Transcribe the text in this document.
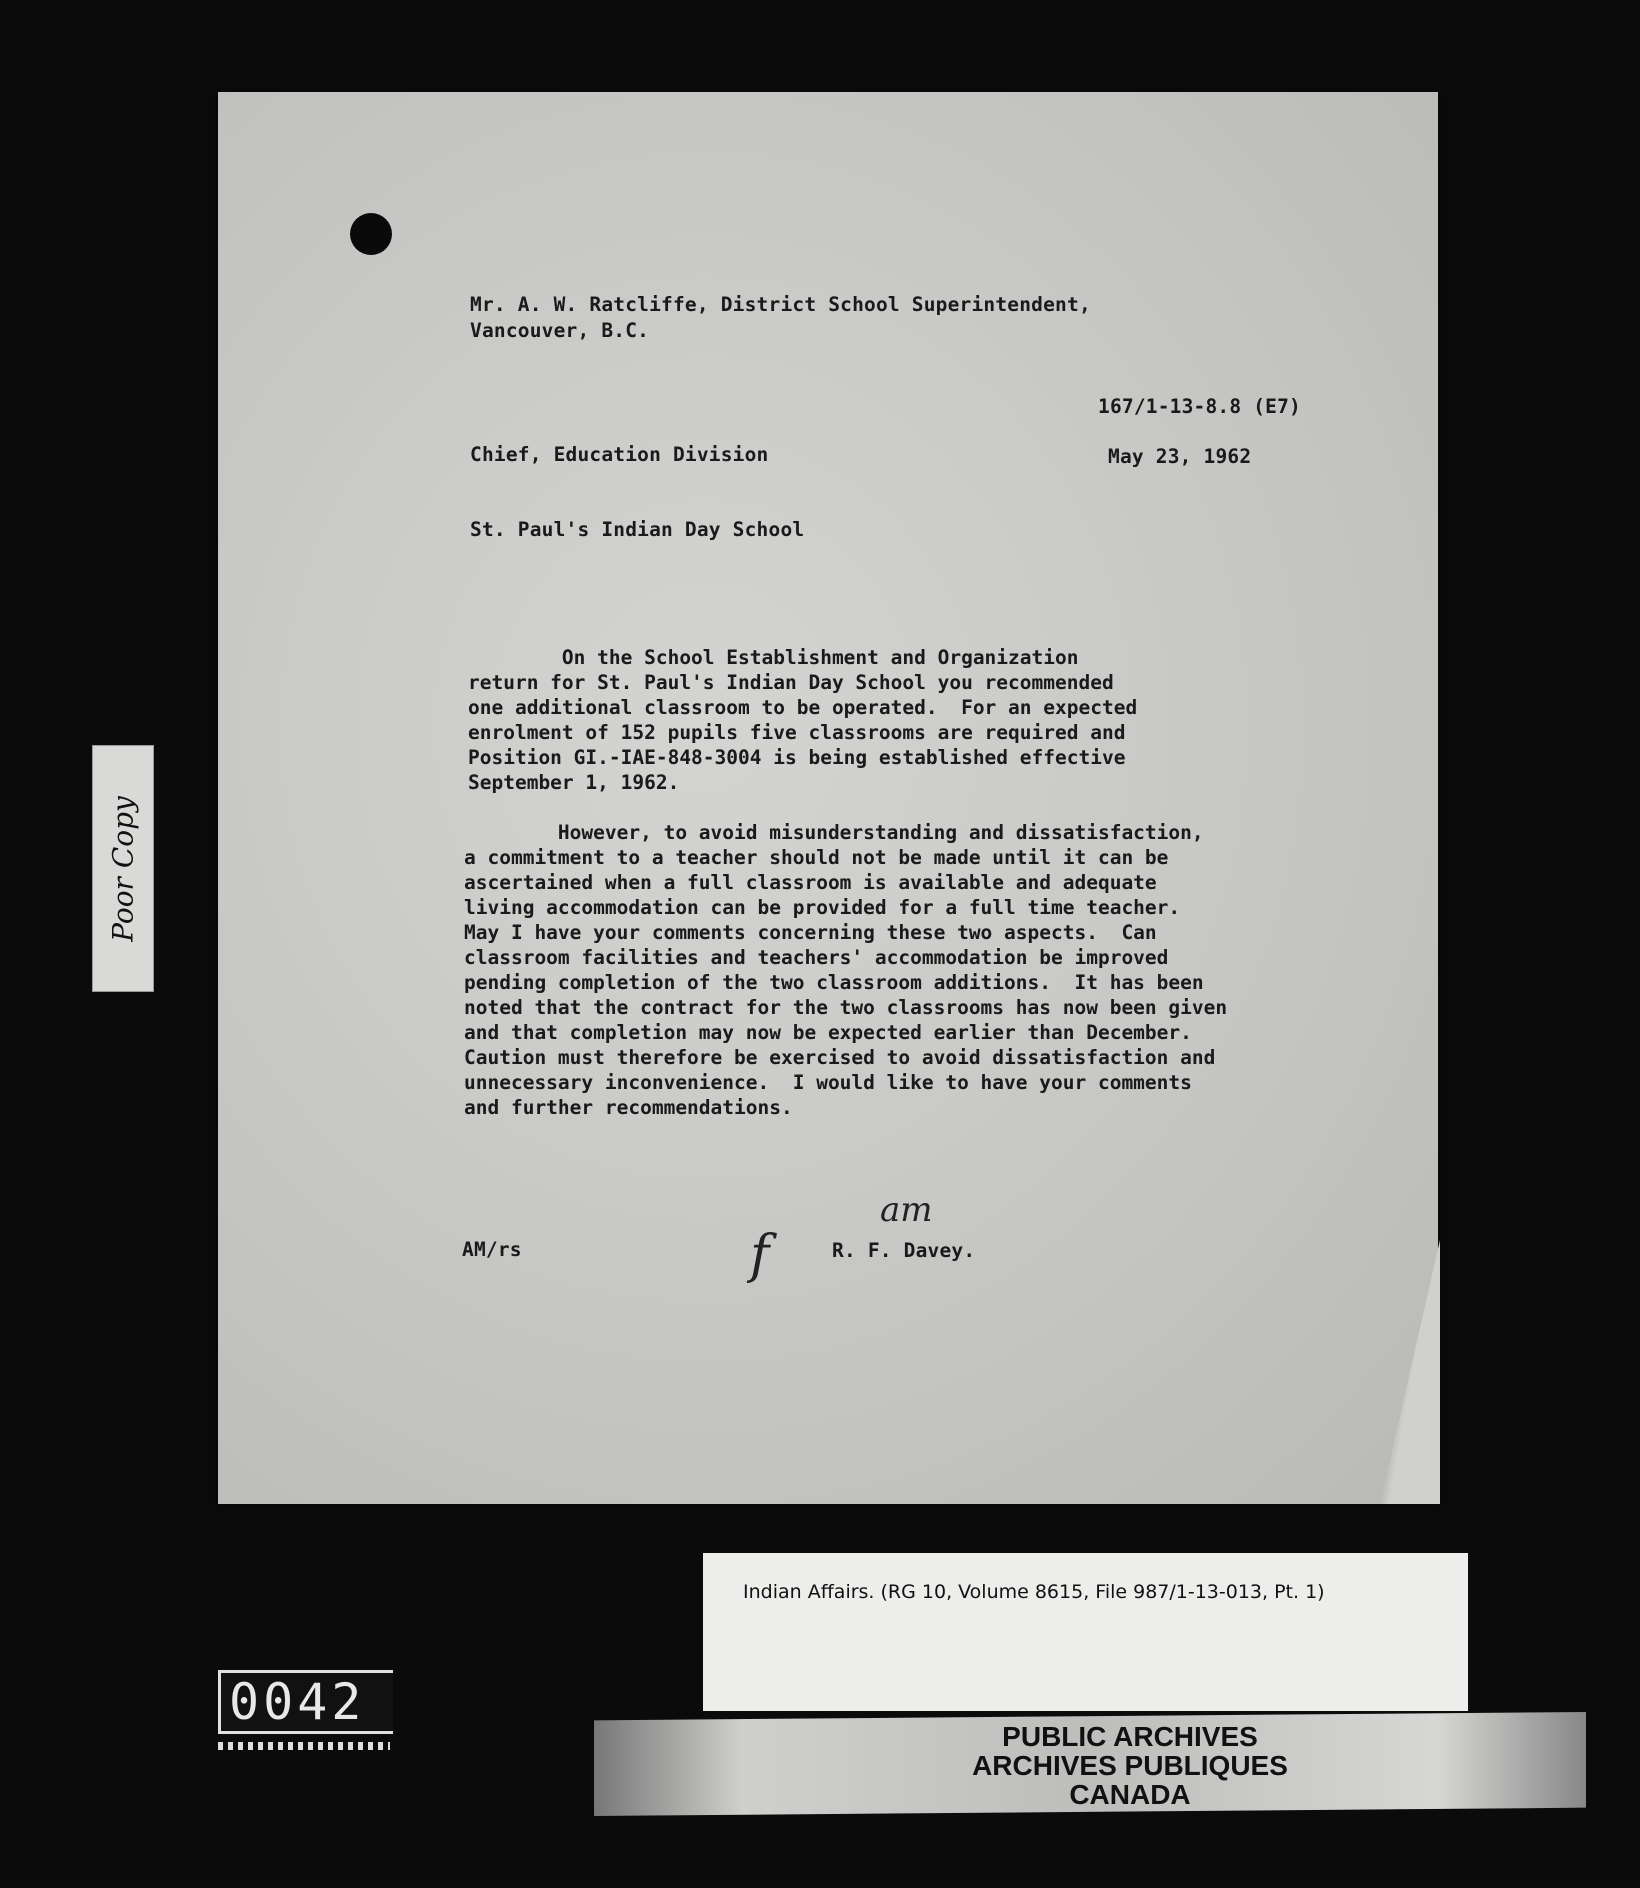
Mr. A. W. Ratcliffe, District School Superintendent,
Vancouver, B.C.
167/1-13-8.8 (E7)
Chief, Education Division	May 23, 1962
St. Paul's Indian Day School
On the School Establishment and Organization
return for St. Paul's Indian Day School you recommended
one additional classroom to be operated.  For an expected
enrolment of 152 pupils five classrooms are required and
Position GI.-IAE-848-3004 is being established effective
September 1, 1962.
However, to avoid misunderstanding and dissatisfaction,
a commitment to a teacher should not be made until it can be
ascertained when a full classroom is available and adequate
living accommodation can be provided for a full time teacher.
May I have your comments concerning these two aspects.  Can
classroom facilities and teachers' accommodation be improved
pending completion of the two classroom additions.  It has been
noted that the contract for the two classrooms has now been given
and that completion may now be expected earlier than December.
Caution must therefore be exercised to avoid dissatisfaction and
unnecessary inconvenience.  I would like to have your comments
and further recommendations.
AM/rs	f
am
R. F. Davey.
Poor Copy
Indian Affairs. (RG 10, Volume 8615, File 987/1-13-013, Pt. 1)
PUBLIC ARCHIVES
ARCHIVES PUBLIQUES
CANADA
0042
